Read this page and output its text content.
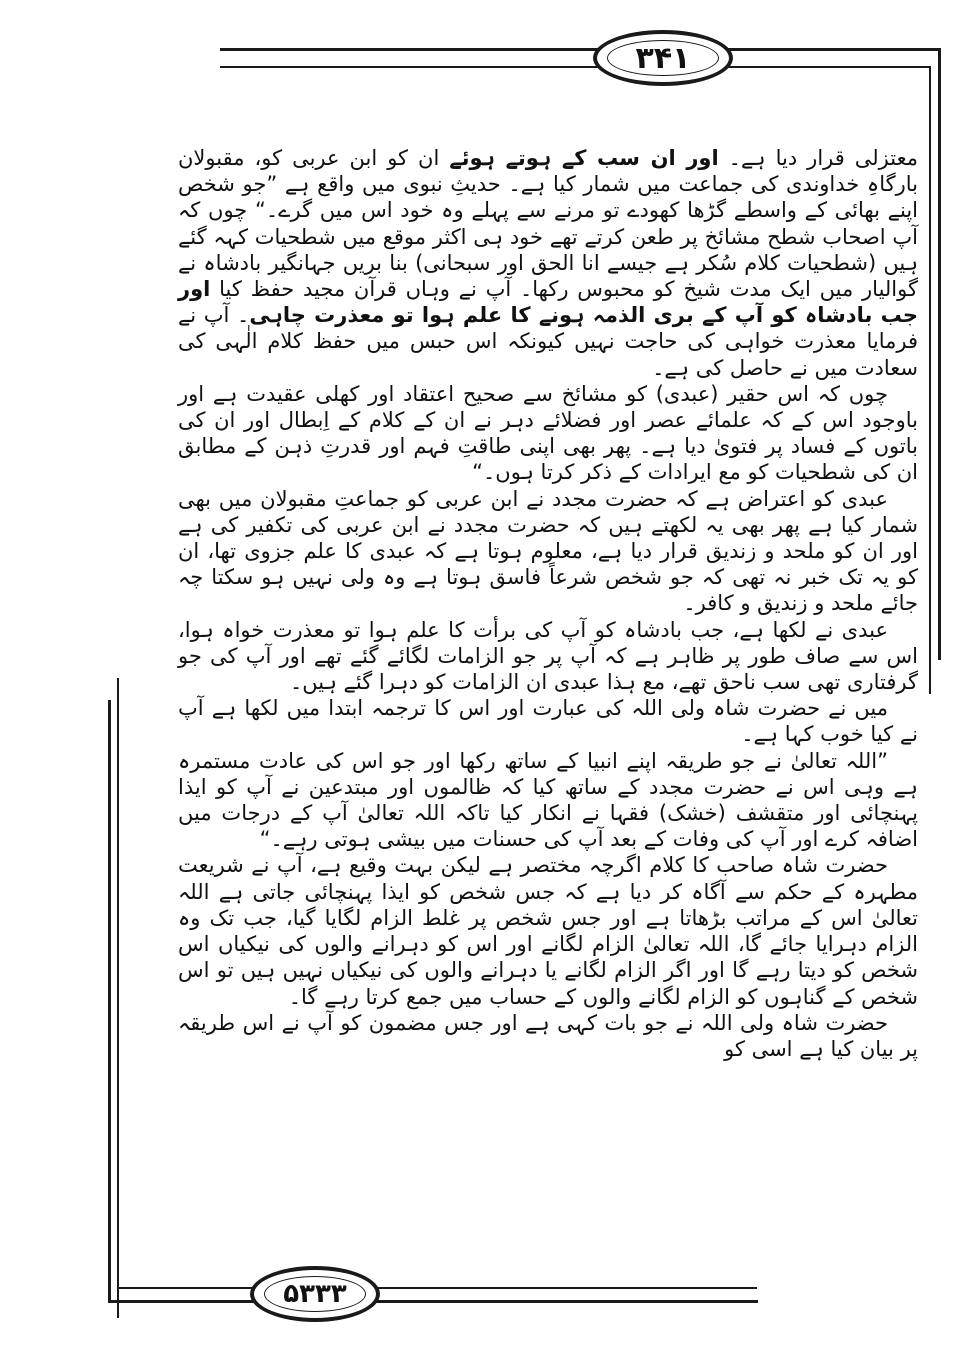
۳۴۱
۵۳۳۳

معتزلی قرار دیا ہے۔ اور ان سب کے ہوتے ہوئے ان کو ابن عربی کو، مقبولان بارگاہِ خداوندی کی جماعت میں شمار کیا ہے۔ حدیثِ نبوی میں واقع ہے ”جو شخص اپنے بھائی کے واسطے گڑھا کھودے تو مرنے سے پہلے وہ خود اس میں گرے۔“ چوں کہ آپ اصحاب شطح مشائخ پر طعن کرتے تھے خود ہی اکثر موقع میں شطحیات کہہ گئے ہیں (شطحیات کلام سُکر ہے جیسے انا الحق اور سبحانی) بنا بریں جہانگیر بادشاہ نے گوالیار میں ایک مدت شیخ کو محبوس رکھا۔ آپ نے وہاں قرآن مجید حفظ کیا اور جب بادشاہ کو آپ کے بری الذمہ ہونے کا علم ہوا تو معذرت چاہی۔ آپ نے فرمایا معذرت خواہی کی حاجت نہیں کیونکہ اس حبس میں حفظ کلام الٰہی کی سعادت میں نے حاصل کی ہے۔

چوں کہ اس حقیر (عبدی) کو مشائخ سے صحیح اعتقاد اور کھلی عقیدت ہے اور باوجود اس کے کہ علمائے عصر اور فضلائے دہر نے ان کے کلام کے اِبطال اور ان کی باتوں کے فساد پر فتویٰ دیا ہے۔ پھر بھی اپنی طاقتِ فہم اور قدرتِ ذہن کے مطابق ان کی شطحیات کو مع ایرادات کے ذکر کرتا ہوں۔“

عبدی کو اعتراض ہے کہ حضرت مجدد نے ابن عربی کو جماعتِ مقبولان میں بھی شمار کیا ہے پھر بھی یہ لکھتے ہیں کہ حضرت مجدد نے ابن عربی کی تکفیر کی ہے اور ان کو ملحد و زندیق قرار دیا ہے، معلوم ہوتا ہے کہ عبدی کا علم جزوی تھا، ان کو یہ تک خبر نہ تھی کہ جو شخص شرعاً فاسق ہوتا ہے وہ ولی نہیں ہو سکتا چہ جائے ملحد و زندیق و کافر۔

عبدی نے لکھا ہے، جب بادشاہ کو آپ کی برأت کا علم ہوا تو معذرت خواہ ہوا، اس سے صاف طور پر ظاہر ہے کہ آپ پر جو الزامات لگائے گئے تھے اور آپ کی جو گرفتاری تھی سب ناحق تھے، مع ہذا عبدی ان الزامات کو دہرا گئے ہیں۔

میں نے حضرت شاہ ولی اللہ کی عبارت اور اس کا ترجمہ ابتدا میں لکھا ہے آپ نے کیا خوب کہا ہے۔

”اللہ تعالیٰ نے جو طریقہ اپنے انبیا کے ساتھ رکھا اور جو اس کی عادت مستمرہ ہے وہی اس نے حضرت مجدد کے ساتھ کیا کہ ظالموں اور مبتدعین نے آپ کو ایذا پہنچائی اور متقشف (خشک) فقہا نے انکار کیا تاکہ اللہ تعالیٰ آپ کے درجات میں اضافہ کرے اور آپ کی وفات کے بعد آپ کی حسنات میں بیشی ہوتی رہے۔“

حضرت شاہ صاحب کا کلام اگرچہ مختصر ہے لیکن بہت وقیع ہے، آپ نے شریعت مطہرہ کے حکم سے آگاہ کر دیا ہے کہ جس شخص کو ایذا پہنچائی جاتی ہے اللہ تعالیٰ اس کے مراتب بڑھاتا ہے اور جس شخص پر غلط الزام لگایا گیا، جب تک وہ الزام دہرایا جائے گا، اللہ تعالیٰ الزام لگانے اور اس کو دہرانے والوں کی نیکیاں اس شخص کو دیتا رہے گا اور اگر الزام لگانے یا دہرانے والوں کی نیکیاں نہیں ہیں تو اس شخص کے گناہوں کو الزام لگانے والوں کے حساب میں جمع کرتا رہے گا۔

حضرت شاہ ولی اللہ نے جو بات کہی ہے اور جس مضمون کو آپ نے اس طریقہ پر بیان کیا ہے اسی کو
